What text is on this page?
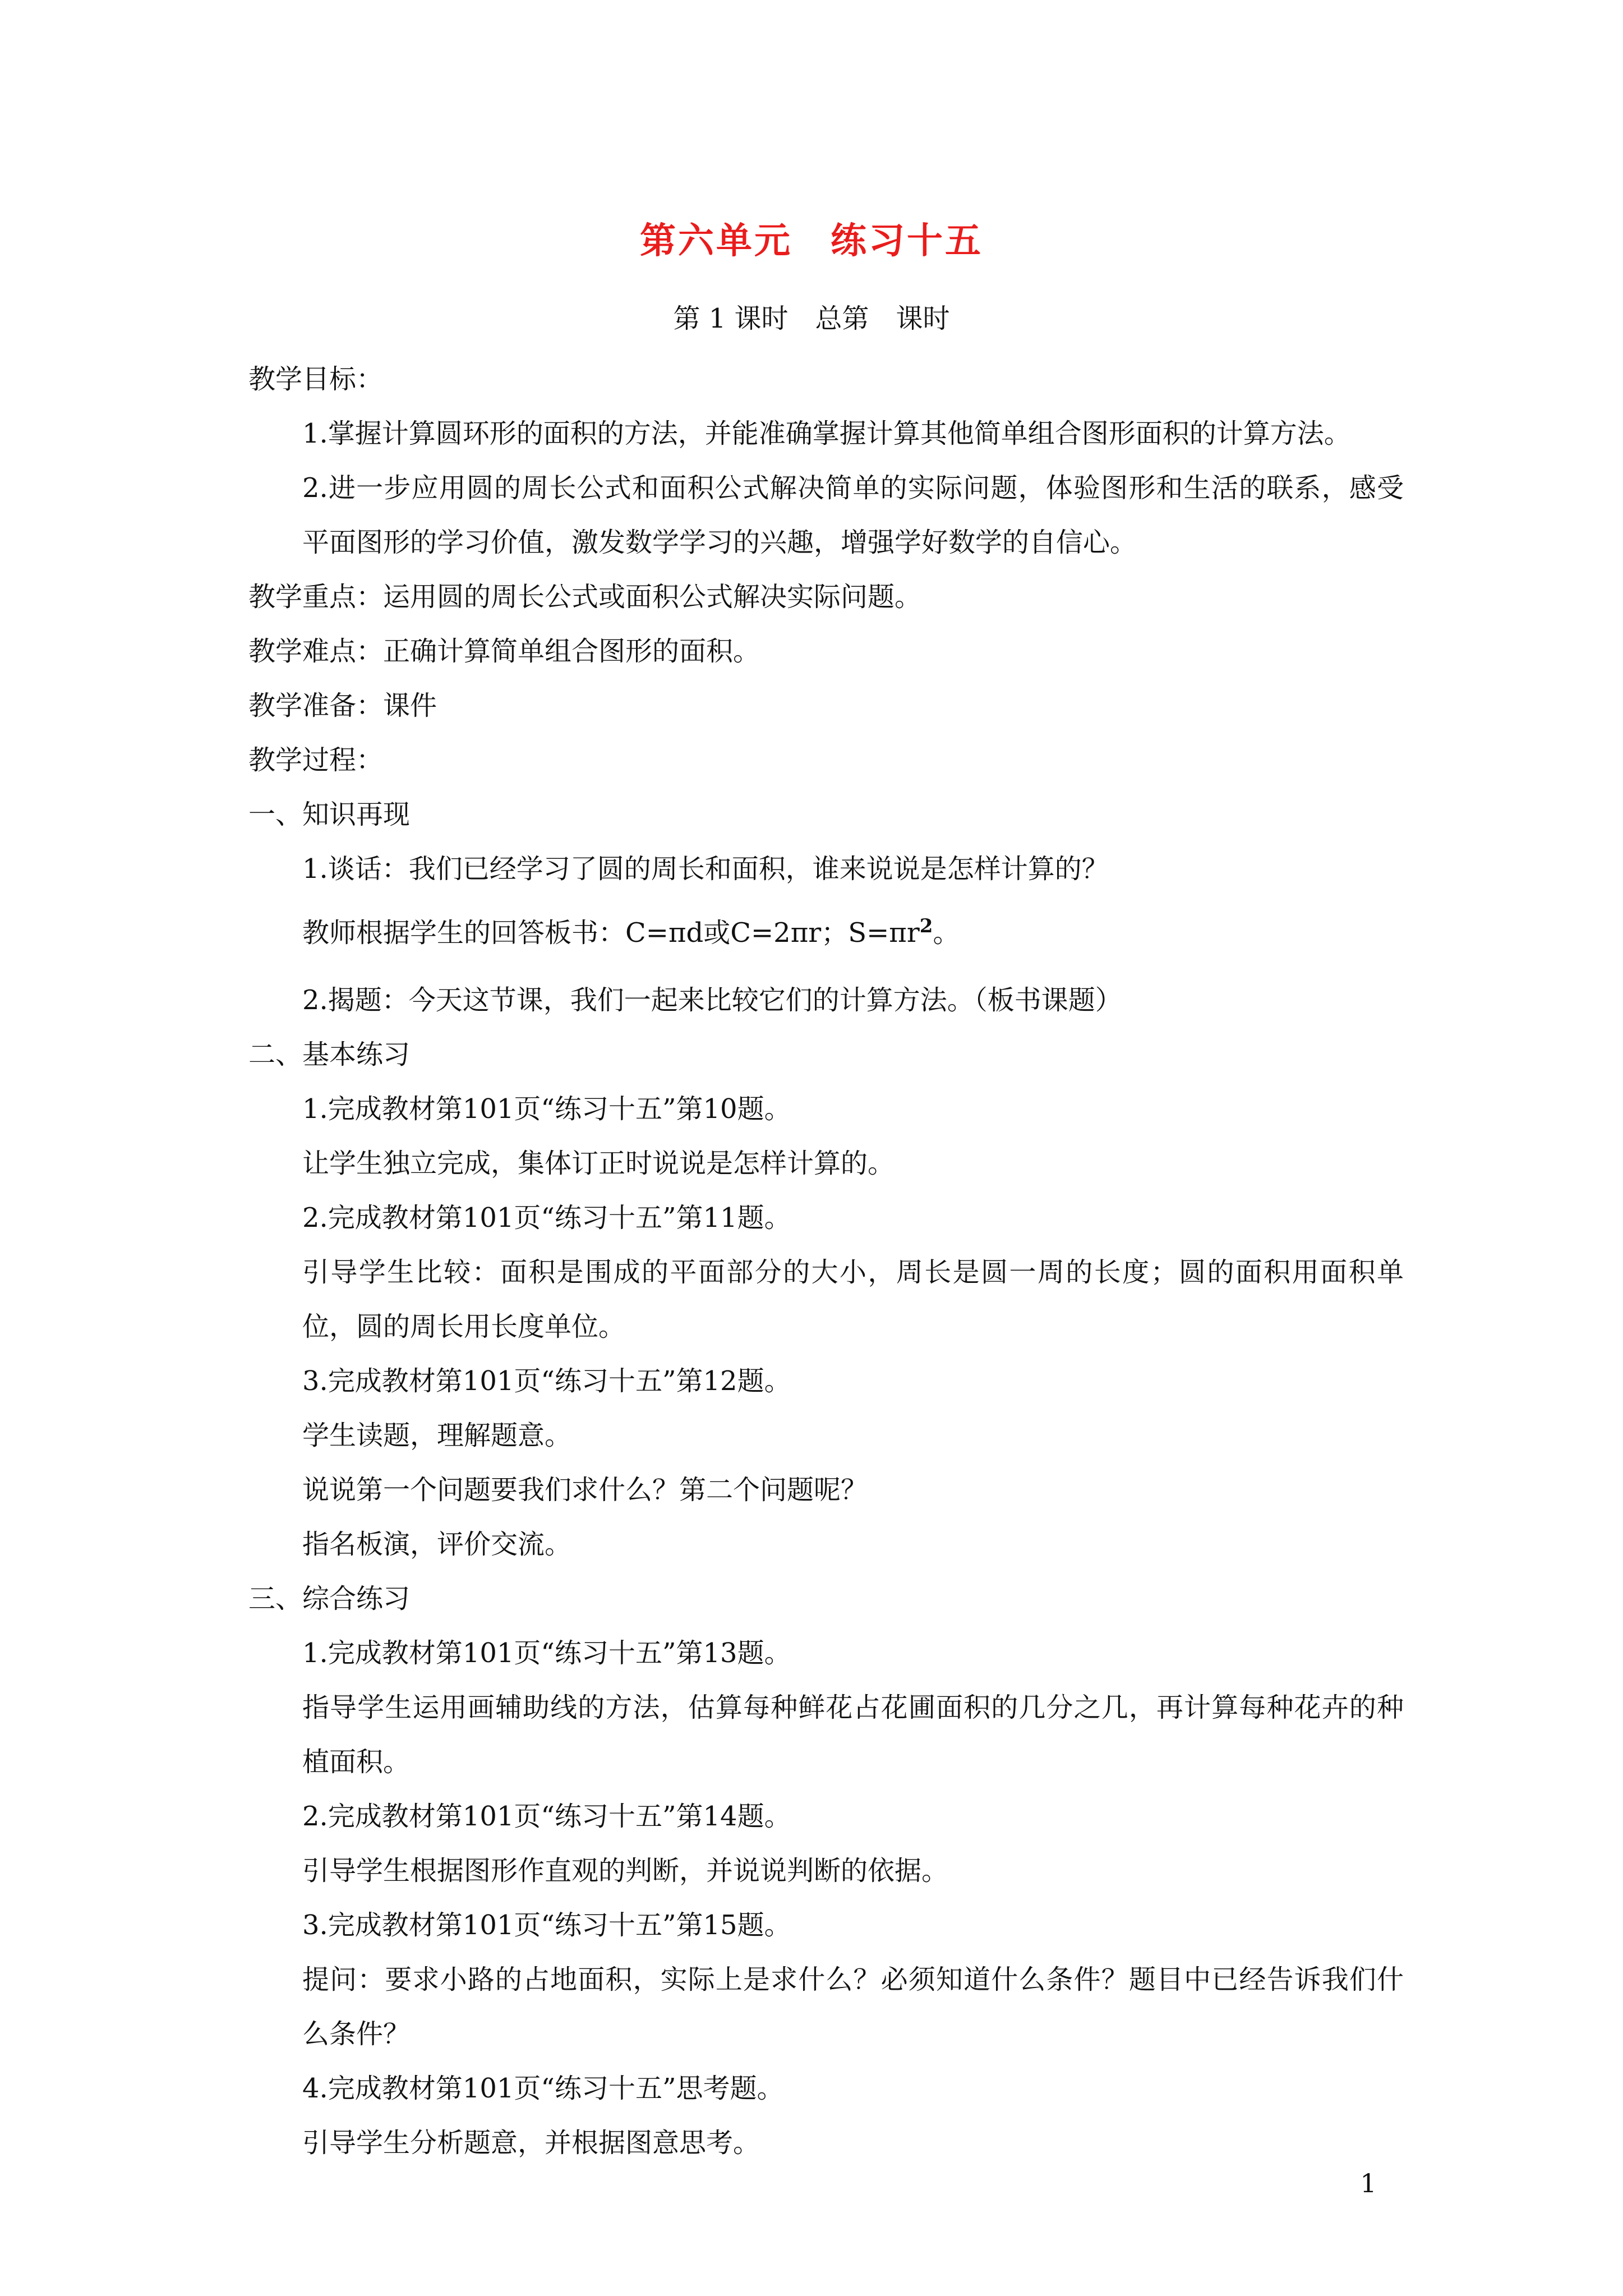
第六单元　练习十五
第 1 课时　总第　课时

教学目标：

1.掌握计算圆环形的面积的方法，并能准确掌握计算其他简单组合图形面积的计算方法。

2.进一步应用圆的周长公式和面积公式解决简单的实际问题，体验图形和生活的联系，感受平面图形的学习价值，激发数学学习的兴趣，增强学好数学的自信心。

教学重点：运用圆的周长公式或面积公式解决实际问题。

教学难点：正确计算简单组合图形的面积。

教学准备：课件

教学过程：

一、知识再现

1.谈话：我们已经学习了圆的周长和面积，谁来说说是怎样计算的？

教师根据学生的回答板书：C=πd或C=2πr；$S=\pi r^2$。

2.揭题：今天这节课，我们一起来比较它们的计算方法。（板书课题）

二、基本练习

1.完成教材第101页“练习十五”第10题。

让学生独立完成，集体订正时说说是怎样计算的。

2.完成教材第101页“练习十五”第11题。

引导学生比较：面积是围成的平面部分的大小，周长是圆一周的长度；圆的面积用面积单位，圆的周长用长度单位。

3.完成教材第101页“练习十五”第12题。

学生读题，理解题意。

说说第一个问题要我们求什么？第二个问题呢？

指名板演，评价交流。

三、综合练习

1.完成教材第101页“练习十五”第13题。

指导学生运用画辅助线的方法，估算每种鲜花占花圃面积的几分之几，再计算每种花卉的种植面积。

2.完成教材第101页“练习十五”第14题。

引导学生根据图形作直观的判断，并说说判断的依据。

3.完成教材第101页“练习十五”第15题。

提问：要求小路的占地面积，实际上是求什么？必须知道什么条件？题目中已经告诉我们什么条件？

4.完成教材第101页“练习十五”思考题。

引导学生分析题意，并根据图意思考。

1
